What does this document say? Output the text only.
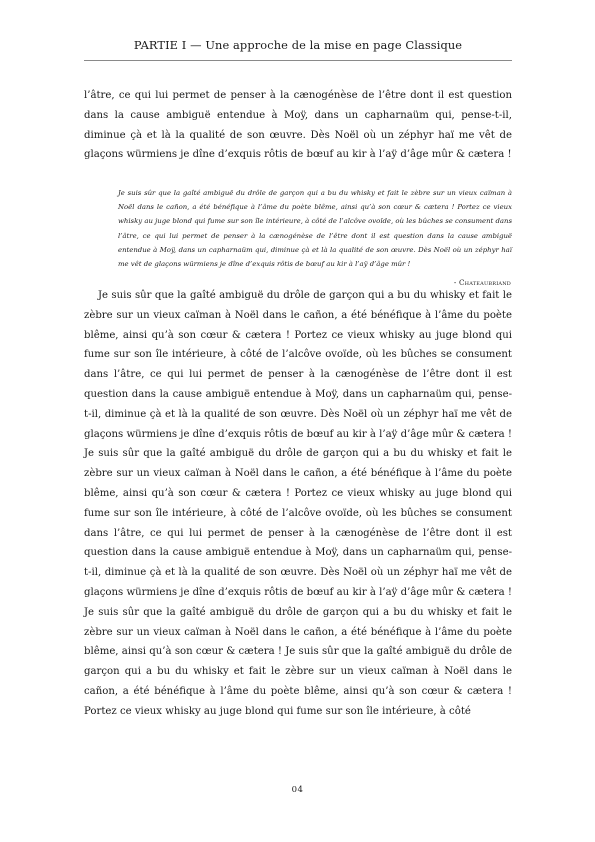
PARTIE I — Une approche de la mise en page Classique

l’âtre, ce qui lui permet de penser à la cænogénèse de l’être dont il est question dans la cause ambiguë entendue à Moÿ, dans un capharnaüm qui, pense-t-il, diminue çà et là la qualité de son œuvre. Dès Noël où un zéphyr haï me vêt de glaçons würmiens je dîne d’exquis rôtis de bœuf au kir à l’aÿ d’âge mûr & cætera !

Je suis sûr que la gaîté ambiguë du drôle de garçon qui a bu du whisky et fait le zèbre sur un vieux caïman à Noël dans le cañon, a été bénéfique à l’âme du poète blême, ainsi qu’à son cœur & cætera ! Portez ce vieux whisky au juge blond qui fume sur son île intérieure, à côté de l’alcôve ovoïde, où les bûches se consument dans l’âtre, ce qui lui permet de penser à la cænogénèse de l’être dont il est question dans la cause ambiguë entendue à Moÿ, dans un capharnaüm qui, diminue çà et là la qualité de son œuvre. Dès Noël où un zéphyr haï me vêt de glaçons würmiens je dîne d’exquis rôtis de bœuf au kir à l’aÿ d’âge mûr !

- Chateaubriand

Je suis sûr que la gaîté ambiguë du drôle de garçon qui a bu du whisky et fait le zèbre sur un vieux caïman à Noël dans le cañon, a été bénéfique à l’âme du poète blême, ainsi qu’à son cœur & cætera ! Portez ce vieux whisky au juge blond qui fume sur son île intérieure, à côté de l’alcôve ovoïde, où les bûches se consument dans l’âtre, ce qui lui permet de penser à la cænogénèse de l’être dont il est question dans la cause ambiguë entendue à Moÿ, dans un capharnaüm qui, pense-t-il, diminue çà et là la qualité de son œuvre. Dès Noël où un zéphyr haï me vêt de glaçons würmiens je dîne d’exquis rôtis de bœuf au kir à l’aÿ d’âge mûr & cætera ! Je suis sûr que la gaîté ambiguë du drôle de garçon qui a bu du whisky et fait le zèbre sur un vieux caïman à Noël dans le cañon, a été bénéfique à l’âme du poète blême, ainsi qu’à son cœur & cætera ! Portez ce vieux whisky au juge blond qui fume sur son île intérieure, à côté de l’alcôve ovoïde, où les bûches se consument dans l’âtre, ce qui lui permet de penser à la cænogénèse de l’être dont il est question dans la cause ambiguë entendue à Moÿ, dans un capharnaüm qui, pense-t-il, diminue çà et là la qualité de son œuvre. Dès Noël où un zéphyr haï me vêt de glaçons würmiens je dîne d’exquis rôtis de bœuf au kir à l’aÿ d’âge mûr & cætera ! Je suis sûr que la gaîté ambiguë du drôle de garçon qui a bu du whisky et fait le zèbre sur un vieux caïman à Noël dans le cañon, a été bénéfique à l’âme du poète blême, ainsi qu’à son cœur & cætera ! Je suis sûr que la gaîté ambiguë du drôle de garçon qui a bu du whisky et fait le zèbre sur un vieux caïman à Noël dans le cañon, a été bénéfique à l’âme du poète blême, ainsi qu’à son cœur & cætera ! Portez ce vieux whisky au juge blond qui fume sur son île intérieure, à côté

04
